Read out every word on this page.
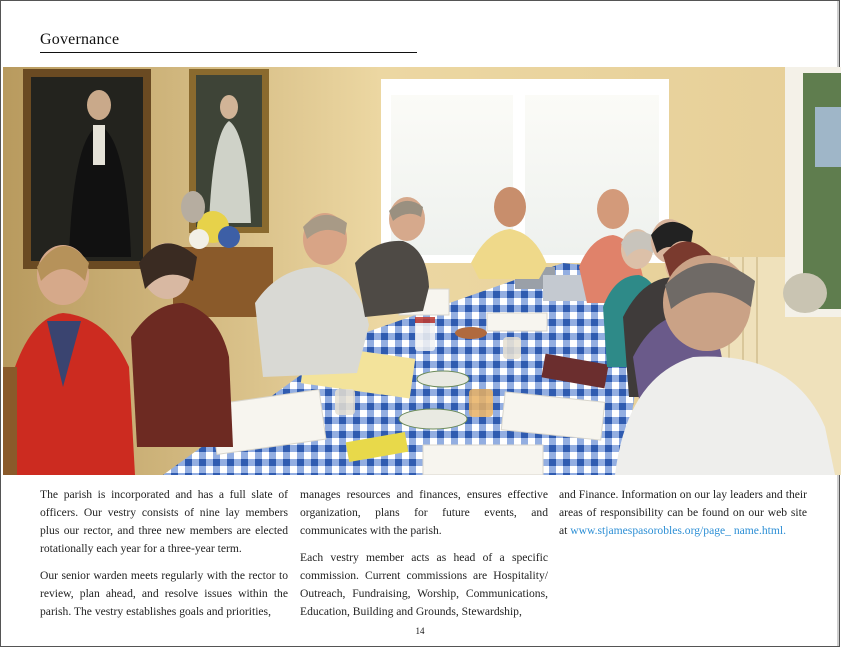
Governance

The parish is incorporated and has a full slate of officers. Our vestry consists of nine lay members plus our rector, and three new members are elected rotationally each year for a three-year term.

Our senior warden meets regularly with the rector to review, plan ahead, and resolve issues within the parish. The vestry establishes goals and priorities,

manages resources and finances, ensures effective organization, plans for future events, and communicates with the parish.

Each vestry member acts as head of a specific commission. Current commissions are Hospitality/ Outreach, Fundraising, Worship, Communications, Education, Building and Grounds, Stewardship,

and Finance. Information on our lay leaders and their areas of responsibility can be found on our web site at www.stjamespasorobles.org/page_ name.html.

14
